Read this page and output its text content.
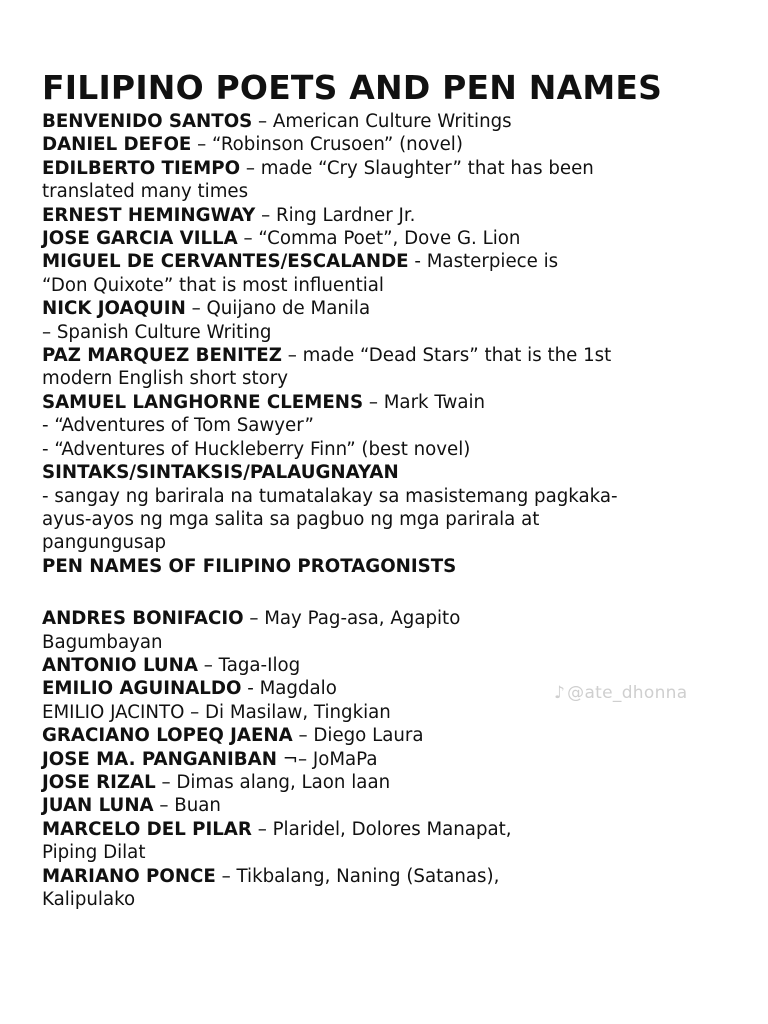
FILIPINO POETS AND PEN NAMES
BENVENIDO SANTOS – American Culture Writings
DANIEL DEFOE – “Robinson Crusoen” (novel)
EDILBERTO TIEMPO – made “Cry Slaughter” that has been
translated many times
ERNEST HEMINGWAY – Ring Lardner Jr.
JOSE GARCIA VILLA – “Comma Poet”, Dove G. Lion
MIGUEL DE CERVANTES/ESCALANDE - Masterpiece is
“Don Quixote” that is most influential
NICK JOAQUIN – Quijano de Manila
– Spanish Culture Writing
PAZ MARQUEZ BENITEZ – made “Dead Stars” that is the 1st
modern English short story
SAMUEL LANGHORNE CLEMENS – Mark Twain
- “Adventures of Tom Sawyer”
- “Adventures of Huckleberry Finn” (best novel)
SINTAKS/SINTAKSIS/PALAUGNAYAN
- sangay ng barirala na tumatalakay sa masistemang pagkaka-
ayus-ayos ng mga salita sa pagbuo ng mga parirala at
pangungusap
PEN NAMES OF FILIPINO PROTAGONISTS
ANDRES BONIFACIO – May Pag-asa, Agapito
Bagumbayan
ANTONIO LUNA – Taga-Ilog
EMILIO AGUINALDO - Magdalo
EMILIO JACINTO – Di Masilaw, Tingkian
GRACIANO LOPEQ JAENA – Diego Laura
JOSE MA. PANGANIBAN ¬– JoMaPa
JOSE RIZAL – Dimas alang, Laon laan
JUAN LUNA – Buan
MARCELO DEL PILAR – Plaridel, Dolores Manapat,
Piping Dilat
MARIANO PONCE – Tikbalang, Naning (Satanas),
Kalipulako
♪ @ate_dhonna
